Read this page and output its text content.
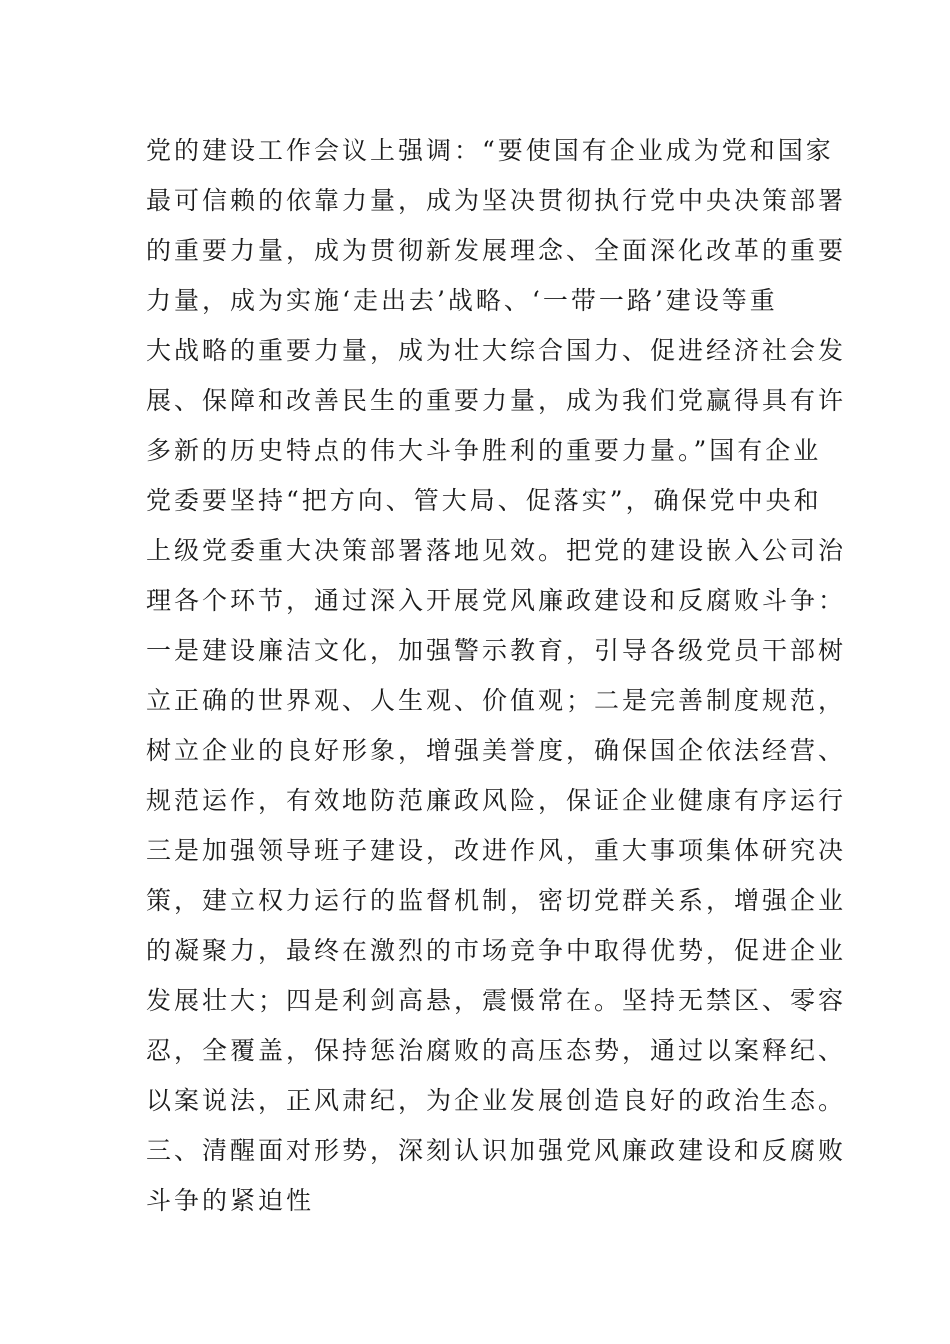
党的建设工作会议上强调：“要使国有企业成为党和国家
最可信赖的依靠力量，成为坚决贯彻执行党中央决策部署
的重要力量，成为贯彻新发展理念、全面深化改革的重要
力量，成为实施‘走出去’战略、‘一带一路’建设等重
大战略的重要力量，成为壮大综合国力、促进经济社会发
展、保障和改善民生的重要力量，成为我们党赢得具有许
多新的历史特点的伟大斗争胜利的重要力量。”国有企业
党委要坚持“把方向、管大局、促落实”，确保党中央和
上级党委重大决策部署落地见效。把党的建设嵌入公司治
理各个环节，通过深入开展党风廉政建设和反腐败斗争：
一是建设廉洁文化，加强警示教育，引导各级党员干部树
立正确的世界观、人生观、价值观；二是完善制度规范，
树立企业的良好形象，增强美誉度，确保国企依法经营、
规范运作，有效地防范廉政风险，保证企业健康有序运行
三是加强领导班子建设，改进作风，重大事项集体研究决
策，建立权力运行的监督机制，密切党群关系，增强企业
的凝聚力，最终在激烈的市场竞争中取得优势，促进企业
发展壮大；四是利剑高悬，震慑常在。坚持无禁区、零容
忍，全覆盖，保持惩治腐败的高压态势，通过以案释纪、
以案说法，正风肃纪，为企业发展创造良好的政治生态。
三、清醒面对形势，深刻认识加强党风廉政建设和反腐败
斗争的紧迫性
